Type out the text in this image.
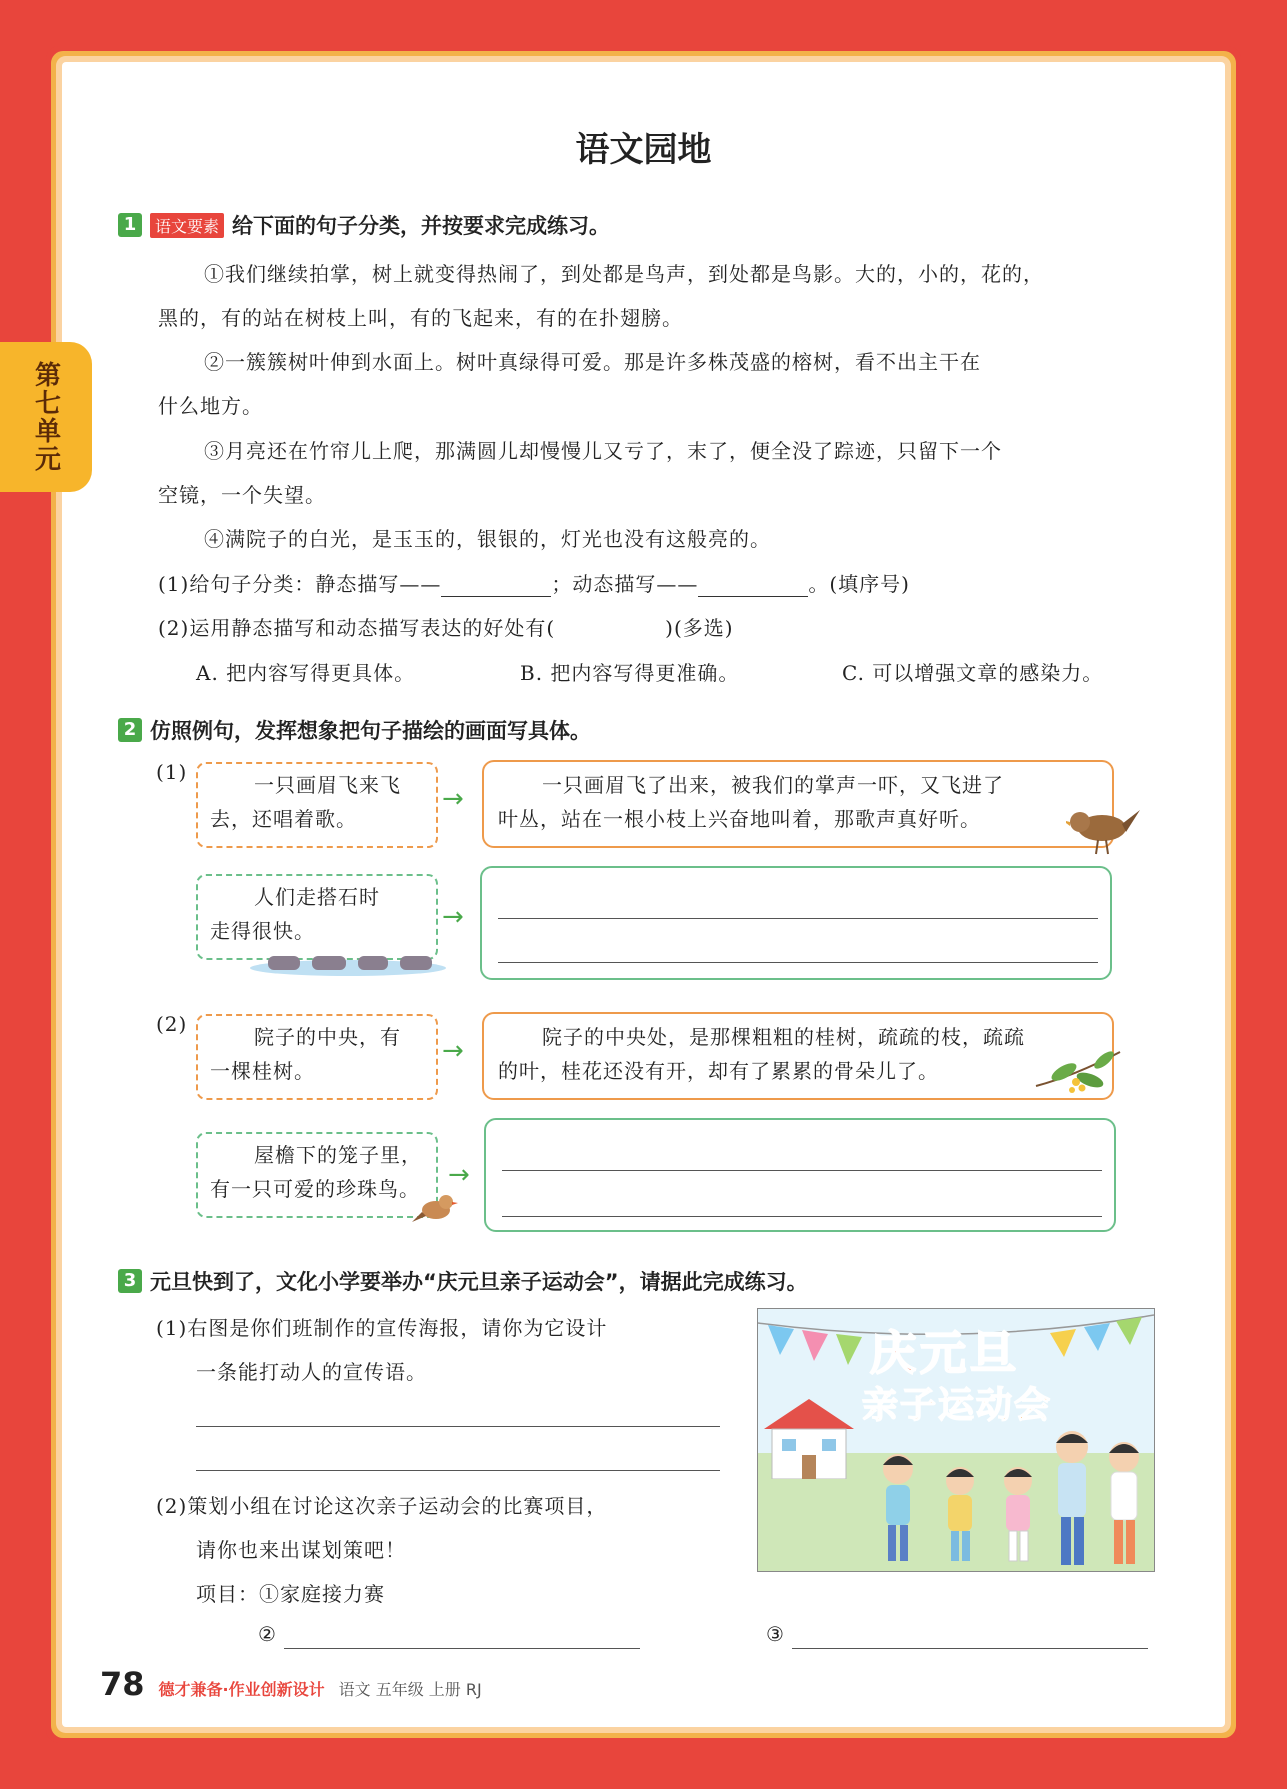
第七单元
语文园地
1	语文要素 给下面的句子分类，并按要求完成练习。
①我们继续拍掌，树上就变得热闹了，到处都是鸟声，到处都是鸟影。大的，小的，花的，
黑的，有的站在树枝上叫，有的飞起来，有的在扑翅膀。
②一簇簇树叶伸到水面上。树叶真绿得可爱。那是许多株茂盛的榕树，看不出主干在
什么地方。
③月亮还在竹帘儿上爬，那满圆儿却慢慢儿又亏了，末了，便全没了踪迹，只留下一个
空镜，一个失望。
④满院子的白光，是玉玉的，银银的，灯光也没有这般亮的。
(1)给句子分类：静态描写——	；动态描写——	。(填序号)
(2)运用静态描写和动态描写表达的好处有(	)(多选)
A. 把内容写得更具体。	B. 把内容写得更准确。	C. 可以增强文章的感染力。
2 仿照例句，发挥想象把句子描绘的画面写具体。
(1)
一只画眉飞来飞
去，还唱着歌。
→	一只画眉飞了出来，被我们的掌声一吓，又飞进了
叶丛，站在一根小枝上兴奋地叫着，那歌声真好听。
人们走搭石时
走得很快。	→
(2)
院子的中央，有
一棵桂树。
→	院子的中央处，是那棵粗粗的桂树，疏疏的枝，疏疏
的叶，桂花还没有开，却有了累累的骨朵儿了。
屋檐下的笼子里，
有一只可爱的珍珠鸟。 →
3 元旦快到了，文化小学要举办“庆元旦亲子运动会”，请据此完成练习。
(1)右图是你们班制作的宣传海报，请你为它设计
一条能打动人的宣传语。
(2)策划小组在讨论这次亲子运动会的比赛项目，
请你也来出谋划策吧！
项目：①家庭接力赛
②	③
庆元旦
亲子运动会
78 德才兼备·作业创新设计 语文 五年级 上册 RJ
